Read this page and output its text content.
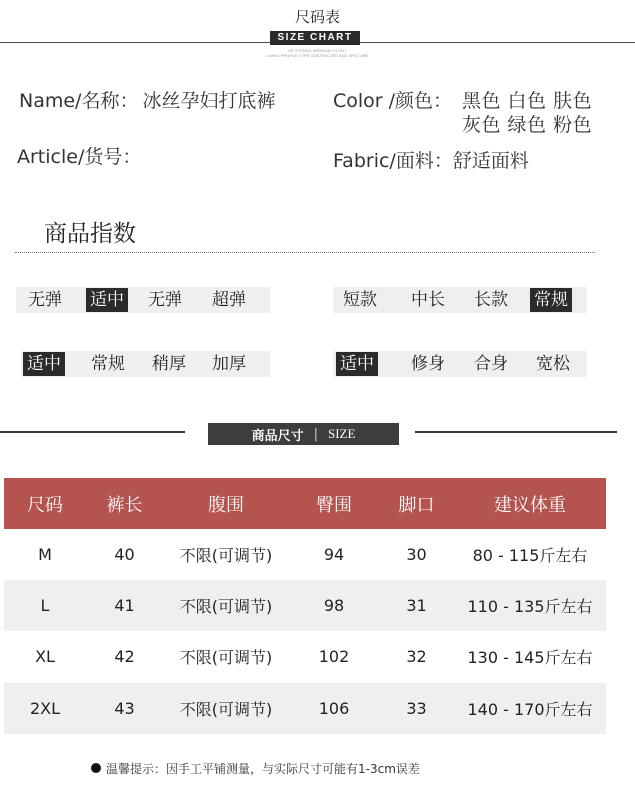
尺码表
SIZE CHART
HE STEREO VERSION TO OUT
LIVING PROFILE TYPE CONTRACTED AND SPEC ARE
Name/名称： 冰丝孕妇打底裤	Color /颜色： 黑色 白色 肤色
灰色 绿色 粉色
Article/货号：	Fabric/面料：舒适面料
商品指数
无弹 适中 无弹 超弹	短款 中长 长款 常规
适中 常规 稍厚 加厚	适中 修身 合身 宽松
商品尺寸 | SIZE
尺码	裤长	腹围	臀围	脚口	建议体重
M	40	不限(可调节)	94	30	80 - 115斤左右
L	41	不限(可调节)	98	31	110 - 135斤左右
XL	42	不限(可调节)	102	32	130 - 145斤左右
2XL	43	不限(可调节)	106	33	140 - 170斤左右
温馨提示：因手工平铺测量，与实际尺寸可能有1-3cm误差
